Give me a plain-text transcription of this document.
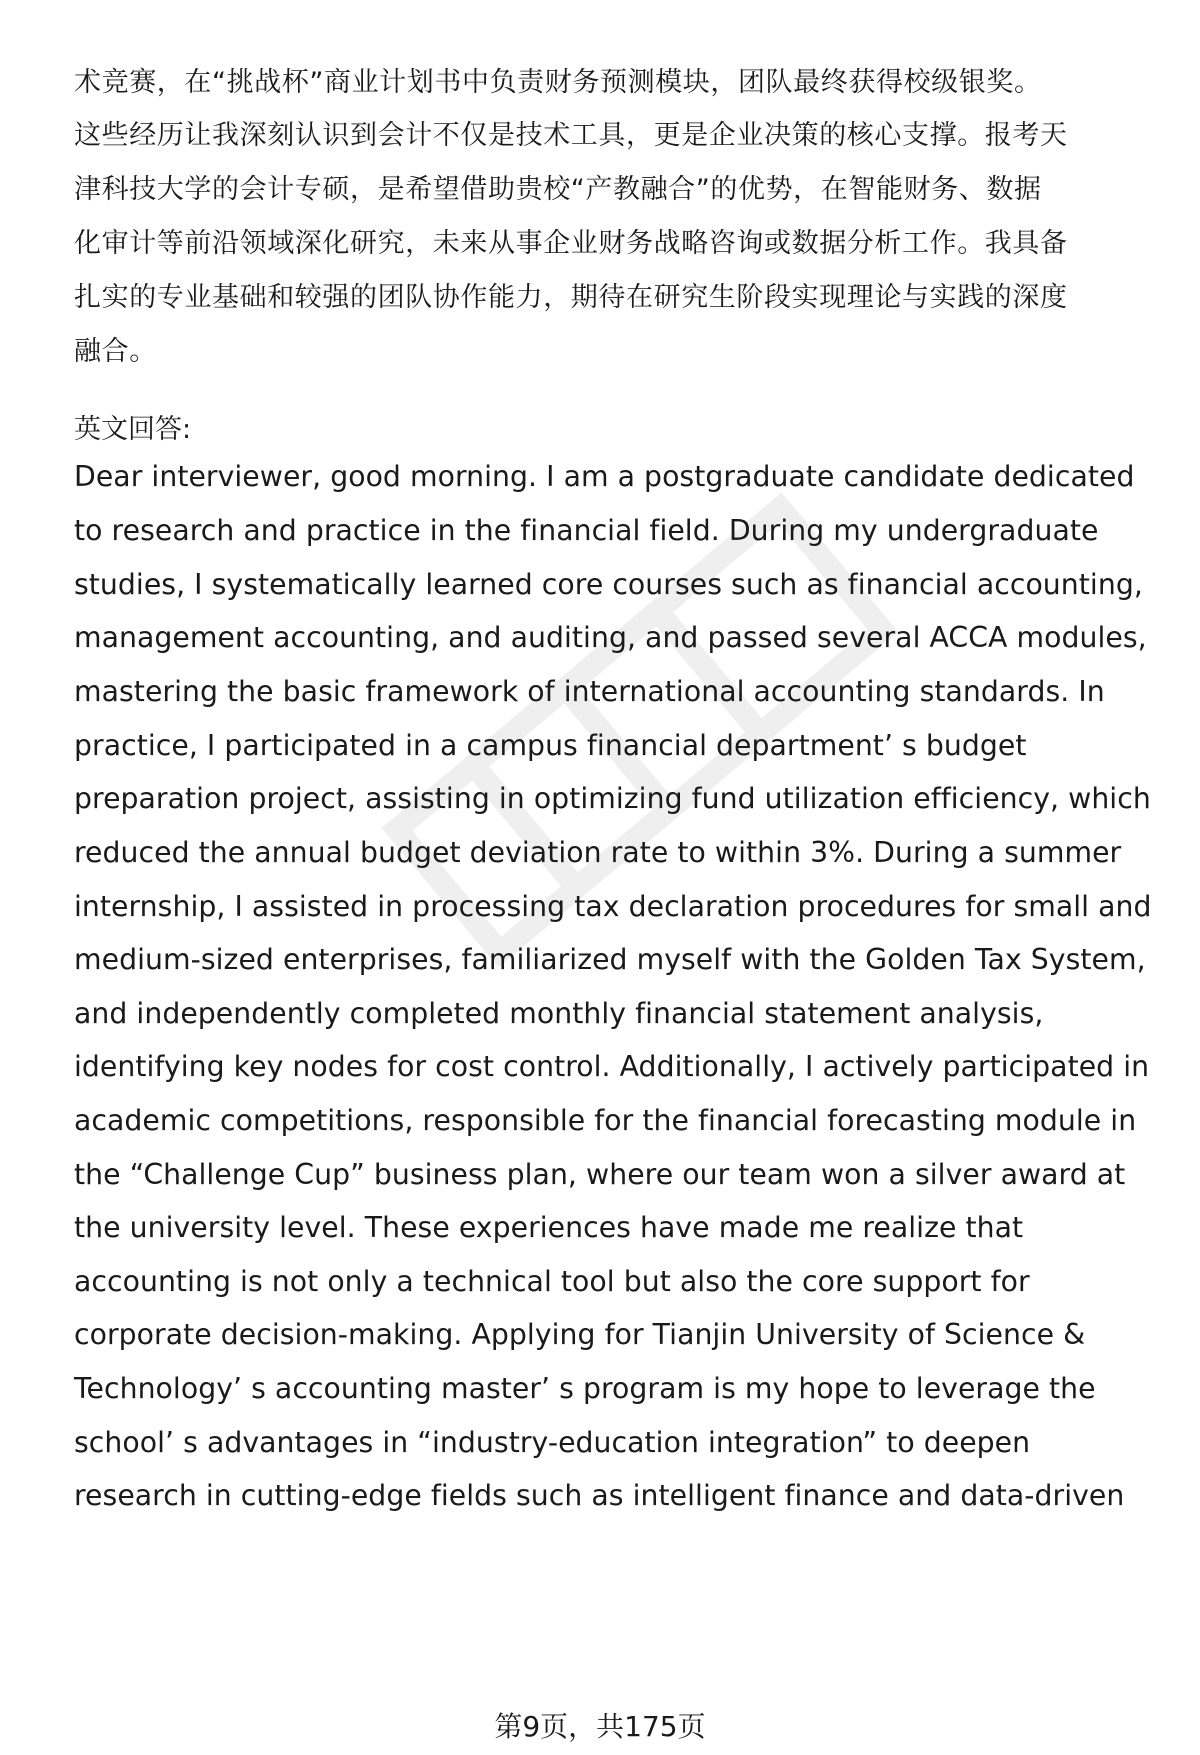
术竞赛，在“挑战杯”商业计划书中负责财务预测模块，团队最终获得校级银奖。

这些经历让我深刻认识到会计不仅是技术工具，更是企业决策的核心支撑。报考天

津科技大学的会计专硕，是希望借助贵校“产教融合”的优势，在智能财务、数据

化审计等前沿领域深化研究，未来从事企业财务战略咨询或数据分析工作。我具备

扎实的专业基础和较强的团队协作能力，期待在研究生阶段实现理论与实践的深度

融合。

英文回答:

Dear interviewer, good morning. I am a postgraduate candidate dedicated

to research and practice in the financial field. During my undergraduate

studies, I systematically learned core courses such as financial accounting,

management accounting, and auditing, and passed several ACCA modules,

mastering the basic framework of international accounting standards. In

practice, I participated in a campus financial department’ s budget

preparation project, assisting in optimizing fund utilization efficiency, which

reduced the annual budget deviation rate to within 3%. During a summer

internship, I assisted in processing tax declaration procedures for small and

medium-sized enterprises, familiarized myself with the Golden Tax System,

and independently completed monthly financial statement analysis,

identifying key nodes for cost control. Additionally, I actively participated in

academic competitions, responsible for the financial forecasting module in

the “Challenge Cup” business plan, where our team won a silver award at

the university level. These experiences have made me realize that

accounting is not only a technical tool but also the core support for

corporate decision-making. Applying for Tianjin University of Science &

Technology’ s accounting master’ s program is my hope to leverage the

school’ s advantages in “industry-education integration” to deepen

research in cutting-edge fields such as intelligent finance and data-driven

第9页，共175页
